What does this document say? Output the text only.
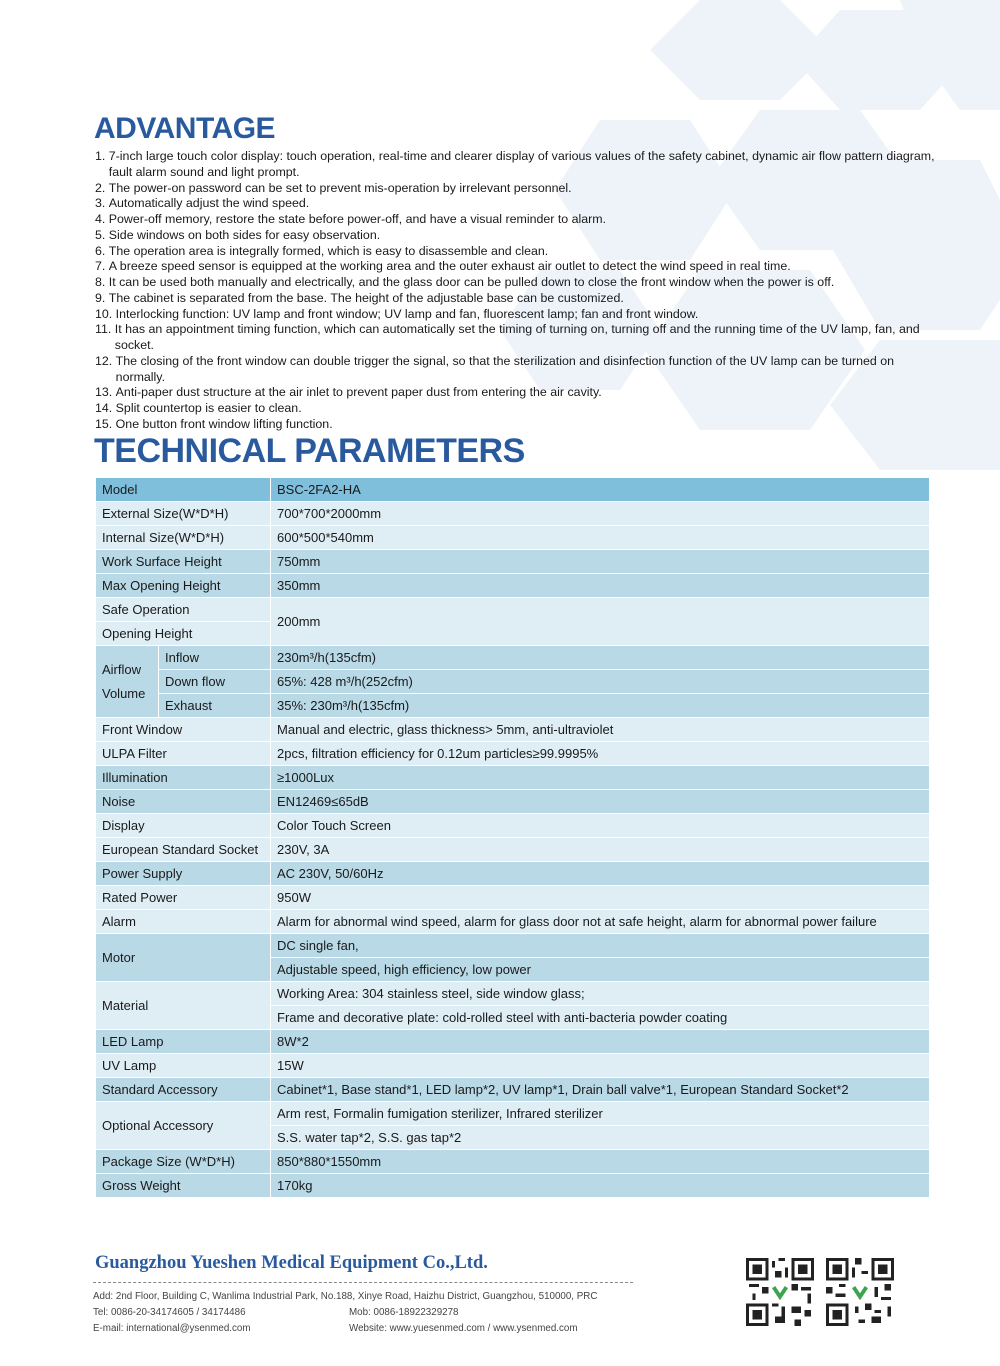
ADVANTAGE
1. 7-inch large touch color display: touch operation, real-time and clearer display of various values of the safety cabinet, dynamic air flow pattern diagram, fault alarm sound and light prompt.
2. The power-on password can be set to prevent mis-operation by irrelevant personnel.
3. Automatically adjust the wind speed.
4. Power-off memory, restore the state before power-off, and have a visual reminder to alarm.
5. Side windows on both sides for easy observation.
6. The operation area is integrally formed, which is easy to disassemble and clean.
7. A breeze speed sensor is equipped at the working area and the outer exhaust air outlet to detect the wind speed in real time.
8. It can be used both manually and electrically, and the glass door can be pulled down to close the front window when the power is off.
9. The cabinet is separated from the base. The height of the adjustable base can be customized.
10. Interlocking function: UV lamp and front window; UV lamp and fan, fluorescent lamp; fan and front window.
11. It has an appointment timing function, which can automatically set the timing of turning on, turning off and the running time of the UV lamp, fan, and socket.
12. The closing of the front window can double trigger the signal, so that the sterilization and disinfection function of the UV lamp can be turned on normally.
13. Anti-paper dust structure at the air inlet to prevent paper dust from entering the air cavity.
14. Split countertop is easier to clean.
15. One button front window lifting function.
TECHNICAL PARAMETERS
Model		BSC-2FA2-HA
External Size(W*D*H)		700*700*2000mm
Internal Size(W*D*H)		600*500*540mm
Work Surface Height		750mm
Max Opening Height		350mm
Safe Operation		200mm
Opening Height		
Airflow
Volume	Inflow	230m³/h(135cfm)
	Down flow	65%: 428 m³/h(252cfm)
	Exhaust	35%: 230m³/h(135cfm)
Front Window		Manual and electric, glass thickness> 5mm, anti-ultraviolet
ULPA Filter		2pcs, filtration efficiency for 0.12um particles≥99.9995%
Illumination		≥1000Lux
Noise		EN12469≤65dB
Display		Color Touch Screen
European Standard Socket		230V, 3A
Power Supply		AC 230V, 50/60Hz
Rated Power		950W
Alarm		Alarm for abnormal wind speed, alarm for glass door not at safe height, alarm for abnormal power failure
Motor		DC single fan,
		Adjustable speed, high efficiency, low power
Material		Working Area: 304 stainless steel, side window glass;
		Frame and decorative plate: cold-rolled steel with anti-bacteria powder coating
LED Lamp		8W*2
UV Lamp		15W
Standard Accessory		Cabinet*1, Base stand*1, LED lamp*2, UV lamp*1, Drain ball valve*1, European Standard Socket*2
Optional Accessory		Arm rest, Formalin fumigation sterilizer, Infrared sterilizer
		S.S. water tap*2, S.S. gas tap*2
Package Size (W*D*H)		850*880*1550mm
Gross Weight		170kg
Guangzhou Yueshen Medical Equipment Co.,Ltd.
Add: 2nd Floor, Building C, Wanlima Industrial Park, No.188, Xinye Road, Haizhu District, Guangzhou, 510000, PRC
Tel: 0086-20-34174605 / 34174486	Mob: 0086-18922329278
E-mail: international@ysenmed.com	Website: www.yuesenmed.com / www.ysenmed.com
